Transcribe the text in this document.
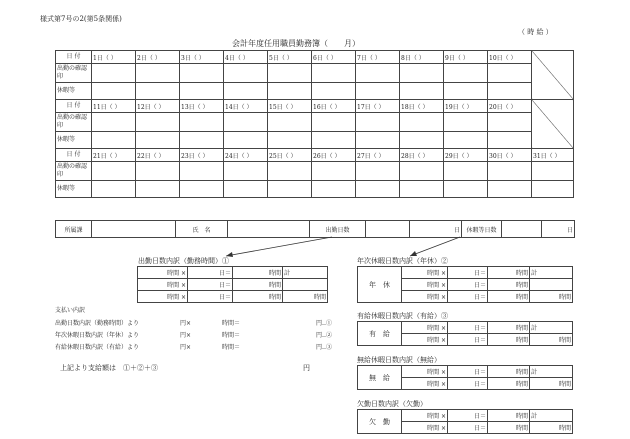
様式第7号の2(第5条関係)
（ 時 給 ）
会計年度任用職員勤務簿（　　月）
日 付	1日（ ）	2日（ ）	3日（ ）	4日（ ）	5日（ ）	6日（ ）	7日（ ）	8日（ ）	9日（ ）	10日（ ）	
出勤の確認印											
休暇等											
日 付	11日（ ）	12日（ ）	13日（ ）	14日（ ）	15日（ ）	16日（ ）	17日（ ）	18日（ ）	19日（ ）	20日（ ）	
出勤の確認印											
休暇等											
日 付	21日（ ）	22日（ ）	23日（ ）	24日（ ）	25日（ ）	26日（ ）	27日（ ）	28日（ ）	29日（ ）	30日（ ）	31日（ ）
出勤の確認印											
休暇等											
所属課		氏　名		出勤日数		日	休暇等日数		日
出勤日数内訳（勤務時間）①
時間 ×	日＝	時間	計
時間 ×	日＝	時間	
時間 ×	日＝	時間	時間
支払い内訳
出勤日数内訳（勤務時間）より	円×	時間＝	円‥①
年次休暇日数内訳（年休）より	円×	時間＝	円‥②
有給休暇日数内訳（有給）より	円×	時間＝	円‥③
上記より支給額は　①＋②＋③	円
年次休暇日数内訳（年休）②
年　休	時間 ×	日＝	時間	計
	時間 ×	日＝	時間	
	時間 ×	日＝	時間	時間
有給休暇日数内訳（有給）③
有　給	時間 ×	日＝	時間	計
	時間 ×	日＝	時間	時間
無給休暇日数内訳（無給）
無　給	時間 ×	日＝	時間	計
	時間 ×	日＝	時間	時間
欠勤日数内訳（欠勤）
欠　勤	時間 ×	日＝	時間	計
	時間 ×	日＝	時間	時間
